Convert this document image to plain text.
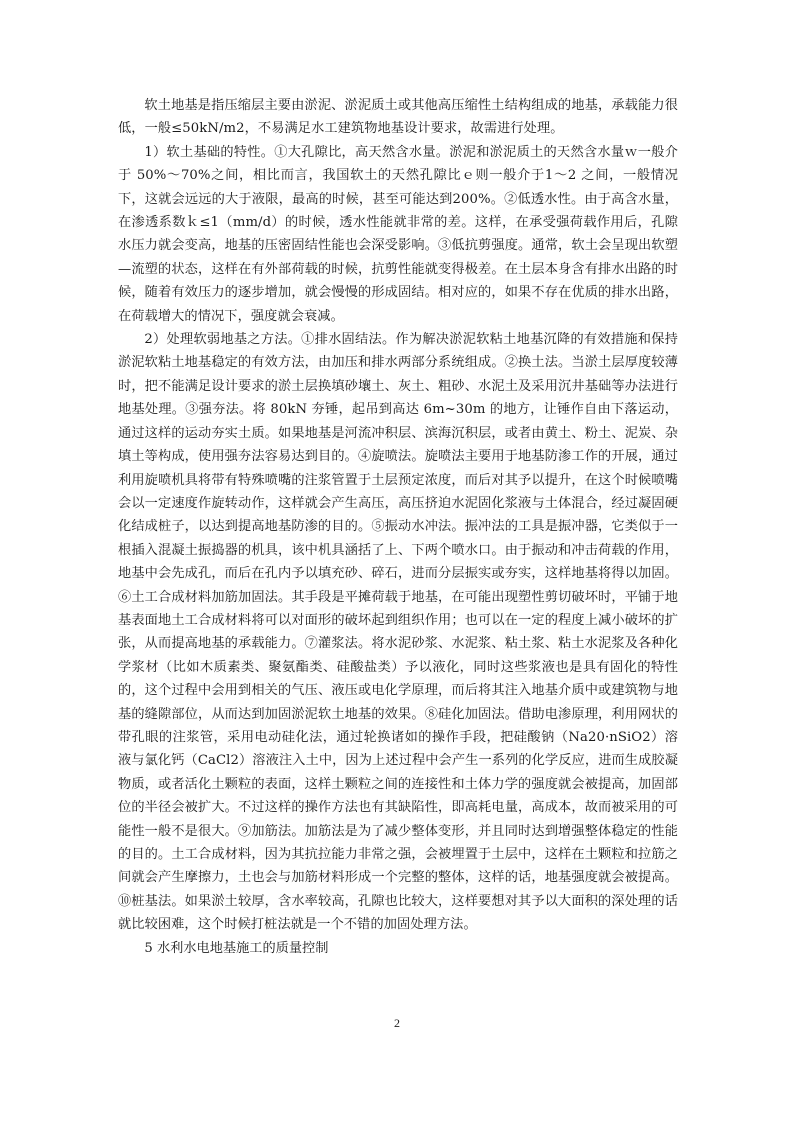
软土地基是指压缩层主要由淤泥、淤泥质土或其他高压缩性土结构组成的地基，承载能力很低，一般≤50kN/m2，不易满足水工建筑物地基设计要求，故需进行处理。

1）软土基础的特性。①大孔隙比，高天然含水量。淤泥和淤泥质土的天然含水量ｗ一般介于 50%～70%之间，相比而言，我国软土的天然孔隙比ｅ则一般介于1～2 之间，一般情况下，这就会远远的大于液限，最高的时候，甚至可能达到200%。②低透水性。由于高含水量，在渗透系数ｋ≤1（mm/d）的时候，透水性能就非常的差。这样，在承受强荷载作用后，孔隙水压力就会变高，地基的压密固结性能也会深受影响。③低抗剪强度。通常，软土会呈现出软塑—流塑的状态，这样在有外部荷载的时候，抗剪性能就变得极差。在土层本身含有排水出路的时候，随着有效压力的逐步增加，就会慢慢的形成固结。相对应的，如果不存在优质的排水出路，在荷载增大的情况下，强度就会衰减。

2）处理软弱地基之方法。①排水固结法。作为解决淤泥软粘土地基沉降的有效措施和保持淤泥软粘土地基稳定的有效方法，由加压和排水两部分系统组成。②换土法。当淤土层厚度较薄时，把不能满足设计要求的淤土层换填砂壤土、灰土、粗砂、水泥土及采用沉井基础等办法进行地基处理。③强夯法。将 80kN 夯锤，起吊到高达 6m~30m 的地方，让锤作自由下落运动，通过这样的运动夯实土质。如果地基是河流冲积层、滨海沉积层，或者由黄土、粉土、泥炭、杂填土等构成，使用强夯法容易达到目的。④旋喷法。旋喷法主要用于地基防渗工作的开展，通过利用旋喷机具将带有特殊喷嘴的注浆管置于土层预定浓度，而后对其予以提升，在这个时候喷嘴会以一定速度作旋转动作，这样就会产生高压，高压挤迫水泥固化浆液与土体混合，经过凝固硬化结成桩子，以达到提高地基防渗的目的。⑤振动水冲法。振冲法的工具是振冲器，它类似于一根插入混凝土振捣器的机具，该中机具涵括了上、下两个喷水口。由于振动和冲击荷载的作用，地基中会先成孔，而后在孔内予以填充砂、碎石，进而分层振实或夯实，这样地基将得以加固。⑥土工合成材料加筋加固法。其手段是平摊荷载于地基，在可能出现塑性剪切破坏时，平铺于地基表面地土工合成材料将可以对面形的破坏起到组织作用；也可以在一定的程度上减小破坏的扩张，从而提高地基的承载能力。⑦灌浆法。将水泥砂浆、水泥浆、粘土浆、粘土水泥浆及各种化学浆材（比如木质素类、聚氨酯类、硅酸盐类）予以液化，同时这些浆液也是具有固化的特性的，这个过程中会用到相关的气压、液压或电化学原理，而后将其注入地基介质中或建筑物与地基的缝隙部位，从而达到加固淤泥软土地基的效果。⑧硅化加固法。借助电渗原理，利用网状的带孔眼的注浆管，采用电动硅化法，通过轮换诸如的操作手段，把硅酸钠（Na20·nSiO2）溶液与氯化钙（CaCl2）溶液注入土中，因为上述过程中会产生一系列的化学反应，进而生成胶凝物质，或者活化土颗粒的表面，这样土颗粒之间的连接性和土体力学的强度就会被提高，加固部位的半径会被扩大。不过这样的操作方法也有其缺陷性，即高耗电量，高成本，故而被采用的可能性一般不是很大。⑨加筋法。加筋法是为了减少整体变形，并且同时达到增强整体稳定的性能的目的。土工合成材料，因为其抗拉能力非常之强，会被埋置于土层中，这样在土颗粒和拉筋之间就会产生摩擦力，土也会与加筋材料形成一个完整的整体，这样的话，地基强度就会被提高。⑩桩基法。如果淤土较厚，含水率较高，孔隙也比较大，这样要想对其予以大面积的深处理的话就比较困难，这个时候打桩法就是一个不错的加固处理方法。

5 水利水电地基施工的质量控制

2
